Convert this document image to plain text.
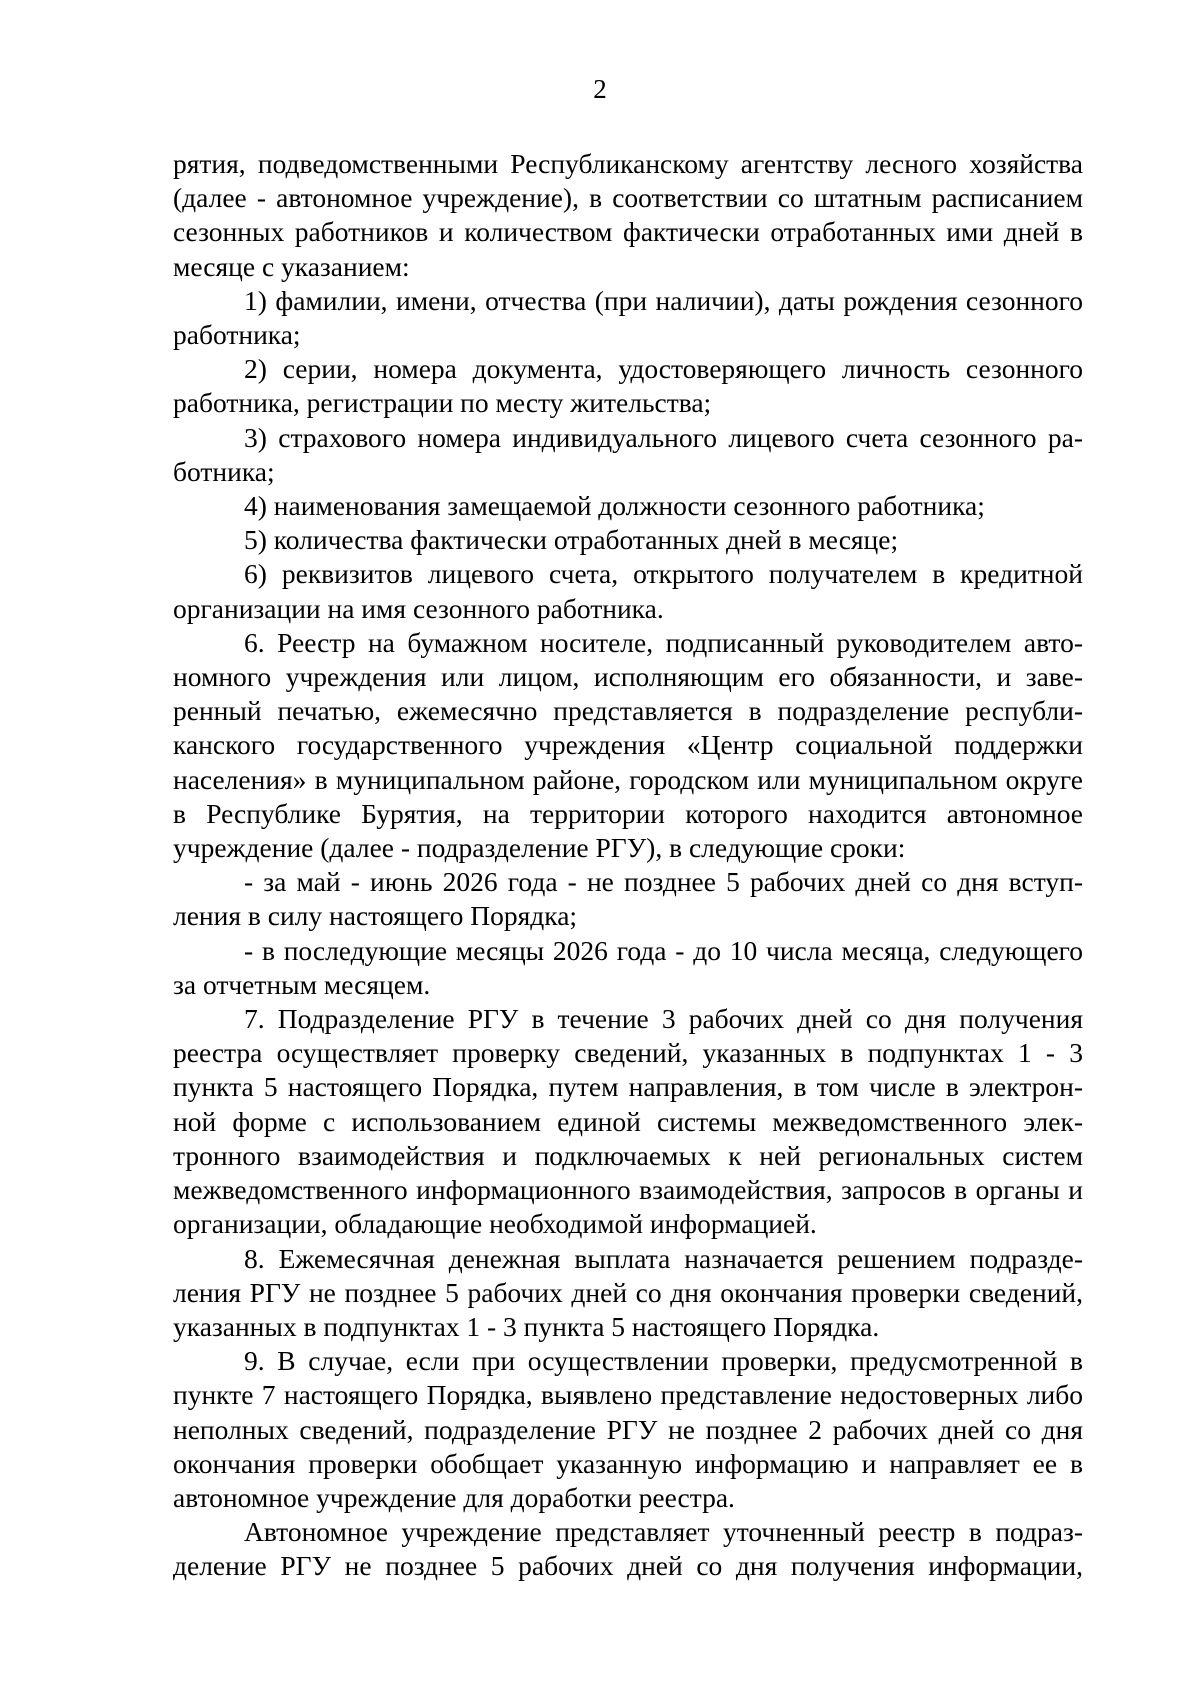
2

рятия, подведомственными Республиканскому агентству лесного хозяйства (далее - автономное учреждение), в соответствии со штатным расписанием сезонных работников и количеством фактически отработанных ими дней в месяце с указанием:

1) фамилии, имени, отчества (при наличии), даты рождения сезонного работника;

2) серии, номера документа, удостоверяющего личность сезонного работника, регистрации по месту жительства;

3) страхового номера индивидуального лицевого счета сезонного работника;

4) наименования замещаемой должности сезонного работника;

5) количества фактически отработанных дней в месяце;

6) реквизитов лицевого счета, открытого получателем в кредитной организации на имя сезонного работника.

6. Реестр на бумажном носителе, подписанный руководителем автономного учреждения или лицом, исполняющим его обязанности, и заверенный печатью, ежемесячно представляется в подразделение республиканского государственного учреждения «Центр социальной поддержки населения» в муниципальном районе, городском или муниципальном округе в Республике Бурятия, на территории которого находится автономное учреждение (далее - подразделение РГУ), в следующие сроки:

- за май - июнь 2026 года - не позднее 5 рабочих дней со дня вступления в силу настоящего Порядка;

- в последующие месяцы 2026 года - до 10 числа месяца, следующего за отчетным месяцем.

7. Подразделение РГУ в течение 3 рабочих дней со дня получения реестра осуществляет проверку сведений, указанных в подпунктах 1 - 3 пункта 5 настоящего Порядка, путем направления, в том числе в электронной форме с использованием единой системы межведомственного электронного взаимодействия и подключаемых к ней региональных систем межведомственного информационного взаимодействия, запросов в органы и организации, обладающие необходимой информацией.

8. Ежемесячная денежная выплата назначается решением подразделения РГУ не позднее 5 рабочих дней со дня окончания проверки сведений, указанных в подпунктах 1 - 3 пункта 5 настоящего Порядка.

9. В случае, если при осуществлении проверки, предусмотренной в пункте 7 настоящего Порядка, выявлено представление недостоверных либо неполных сведений, подразделение РГУ не позднее 2 рабочих дней со дня окончания проверки обобщает указанную информацию и направляет ее в автономное учреждение для доработки реестра.

Автономное учреждение представляет уточненный реестр в подразделение РГУ не позднее 5 рабочих дней со дня получения информации,
